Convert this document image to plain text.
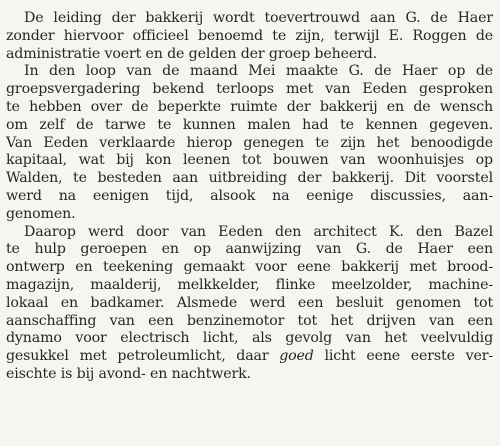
De leiding der bakkerij wordt toevertrouwd aan G. de Haer
zonder hiervoor officieel benoemd te zijn, terwijl E. Roggen de
administratie voert en de gelden der groep beheerd.
In den loop van de maand Mei maakte G. de Haer op de
groepsvergadering bekend terloops met van Eeden gesproken
te hebben over de beperkte ruimte der bakkerij en de wensch
om zelf de tarwe te kunnen malen had te kennen gegeven.
Van Eeden verklaarde hierop genegen te zijn het benoodigde
kapitaal, wat bij kon leenen tot bouwen van woonhuisjes op
Walden, te besteden aan uitbreiding der bakkerij. Dit voorstel
werd na eenigen tijd, alsook na eenige discussies, aan-
genomen.
Daarop werd door van Eeden den architect K. den Bazel
te hulp geroepen en op aanwijzing van G. de Haer een
ontwerp en teekening gemaakt voor eene bakkerij met brood-
magazijn, maalderij, melkkelder, flinke meelzolder, machine-
lokaal en badkamer. Alsmede werd een besluit genomen tot
aanschaffing van een benzinemotor tot het drijven van een
dynamo voor electrisch licht, als gevolg van het veelvuldig
gesukkel met petroleumlicht, daar goed licht eene eerste ver-
eischte is bij avond- en nachtwerk.
